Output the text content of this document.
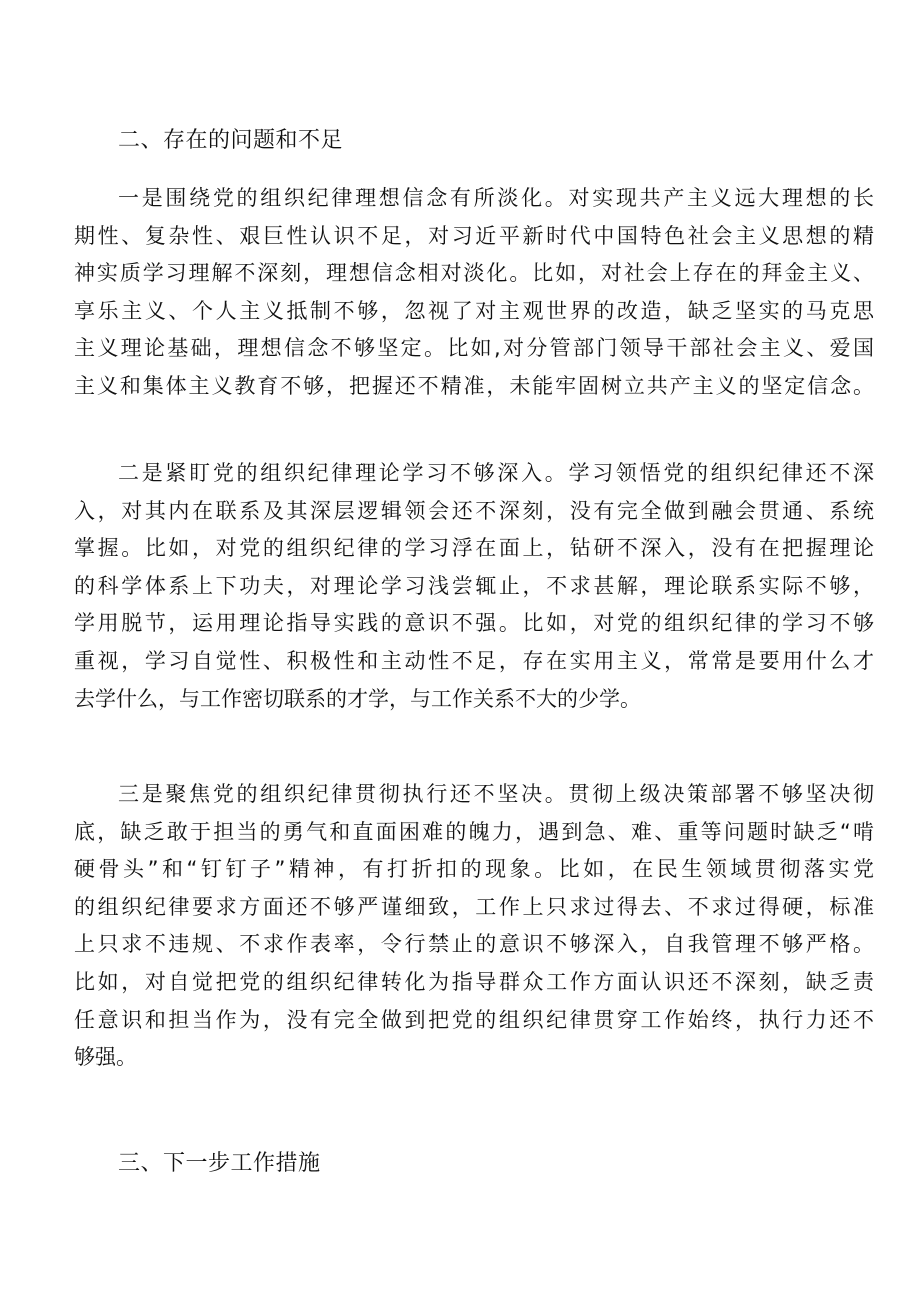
二、存在的问题和不足
一是围绕党的组织纪律理想信念有所淡化。对实现共产主义远大理想的长
期性、复杂性、艰巨性认识不足，对习近平新时代中国特色社会主义思想的精
神实质学习理解不深刻，理想信念相对淡化。比如，对社会上存在的拜金主义、
享乐主义、个人主义抵制不够，忽视了对主观世界的改造，缺乏坚实的马克思
主义理论基础，理想信念不够坚定。比如,对分管部门领导干部社会主义、爱国
主义和集体主义教育不够，把握还不精准，未能牢固树立共产主义的坚定信念。
二是紧盯党的组织纪律理论学习不够深入。学习领悟党的组织纪律还不深
入，对其内在联系及其深层逻辑领会还不深刻，没有完全做到融会贯通、系统
掌握。比如，对党的组织纪律的学习浮在面上，钻研不深入，没有在把握理论
的科学体系上下功夫，对理论学习浅尝辄止，不求甚解，理论联系实际不够，
学用脱节，运用理论指导实践的意识不强。比如，对党的组织纪律的学习不够
重视，学习自觉性、积极性和主动性不足，存在实用主义，常常是要用什么才
去学什么，与工作密切联系的才学，与工作关系不大的少学。
三是聚焦党的组织纪律贯彻执行还不坚决。贯彻上级决策部署不够坚决彻
底，缺乏敢于担当的勇气和直面困难的魄力，遇到急、难、重等问题时缺乏“啃
硬骨头”和“钉钉子”精神，有打折扣的现象。比如，在民生领域贯彻落实党
的组织纪律要求方面还不够严谨细致，工作上只求过得去、不求过得硬，标准
上只求不违规、不求作表率，令行禁止的意识不够深入，自我管理不够严格。
比如，对自觉把党的组织纪律转化为指导群众工作方面认识还不深刻，缺乏责
任意识和担当作为，没有完全做到把党的组织纪律贯穿工作始终，执行力还不
够强。
三、下一步工作措施
